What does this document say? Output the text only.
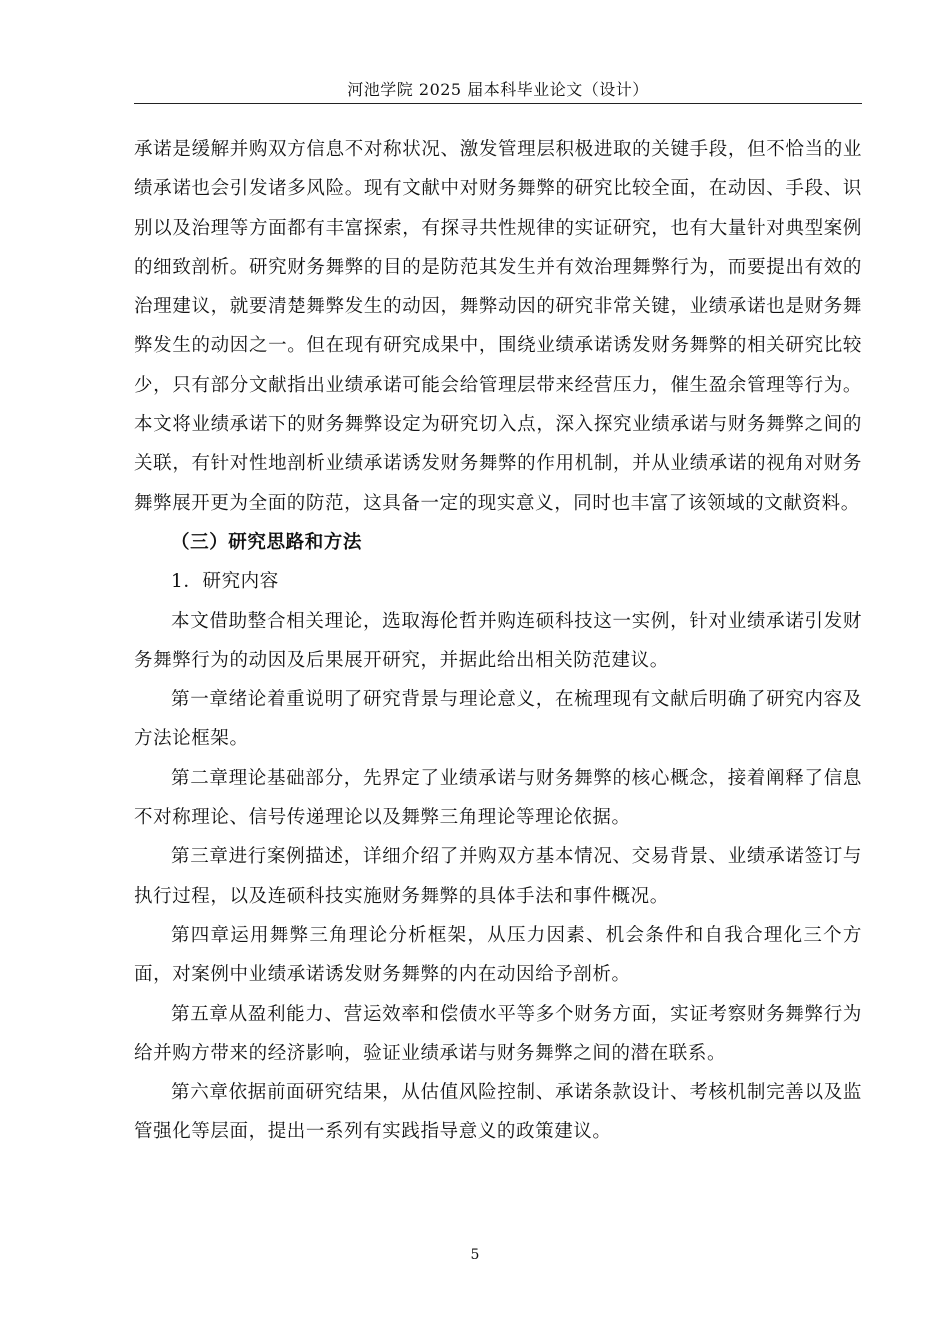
河池学院 2025 届本科毕业论文（设计）

承诺是缓解并购双方信息不对称状况、激发管理层积极进取的关键手段，但不恰当的业绩承诺也会引发诸多风险。现有文献中对财务舞弊的研究比较全面，在动因、手段、识别以及治理等方面都有丰富探索，有探寻共性规律的实证研究，也有大量针对典型案例的细致剖析。研究财务舞弊的目的是防范其发生并有效治理舞弊行为，而要提出有效的治理建议，就要清楚舞弊发生的动因，舞弊动因的研究非常关键，业绩承诺也是财务舞弊发生的动因之一。但在现有研究成果中，围绕业绩承诺诱发财务舞弊的相关研究比较少，只有部分文献指出业绩承诺可能会给管理层带来经营压力，催生盈余管理等行为。本文将业绩承诺下的财务舞弊设定为研究切入点，深入探究业绩承诺与财务舞弊之间的关联，有针对性地剖析业绩承诺诱发财务舞弊的作用机制，并从业绩承诺的视角对财务舞弊展开更为全面的防范，这具备一定的现实意义，同时也丰富了该领域的文献资料。

（三）研究思路和方法

1．研究内容

本文借助整合相关理论，选取海伦哲并购连硕科技这一实例，针对业绩承诺引发财务舞弊行为的动因及后果展开研究，并据此给出相关防范建议。

第一章绪论着重说明了研究背景与理论意义，在梳理现有文献后明确了研究内容及方法论框架。

第二章理论基础部分，先界定了业绩承诺与财务舞弊的核心概念，接着阐释了信息不对称理论、信号传递理论以及舞弊三角理论等理论依据。

第三章进行案例描述，详细介绍了并购双方基本情况、交易背景、业绩承诺签订与执行过程，以及连硕科技实施财务舞弊的具体手法和事件概况。

第四章运用舞弊三角理论分析框架，从压力因素、机会条件和自我合理化三个方面，对案例中业绩承诺诱发财务舞弊的内在动因给予剖析。

第五章从盈利能力、营运效率和偿债水平等多个财务方面，实证考察财务舞弊行为给并购方带来的经济影响，验证业绩承诺与财务舞弊之间的潜在联系。

第六章依据前面研究结果，从估值风险控制、承诺条款设计、考核机制完善以及监管强化等层面，提出一系列有实践指导意义的政策建议。

5
